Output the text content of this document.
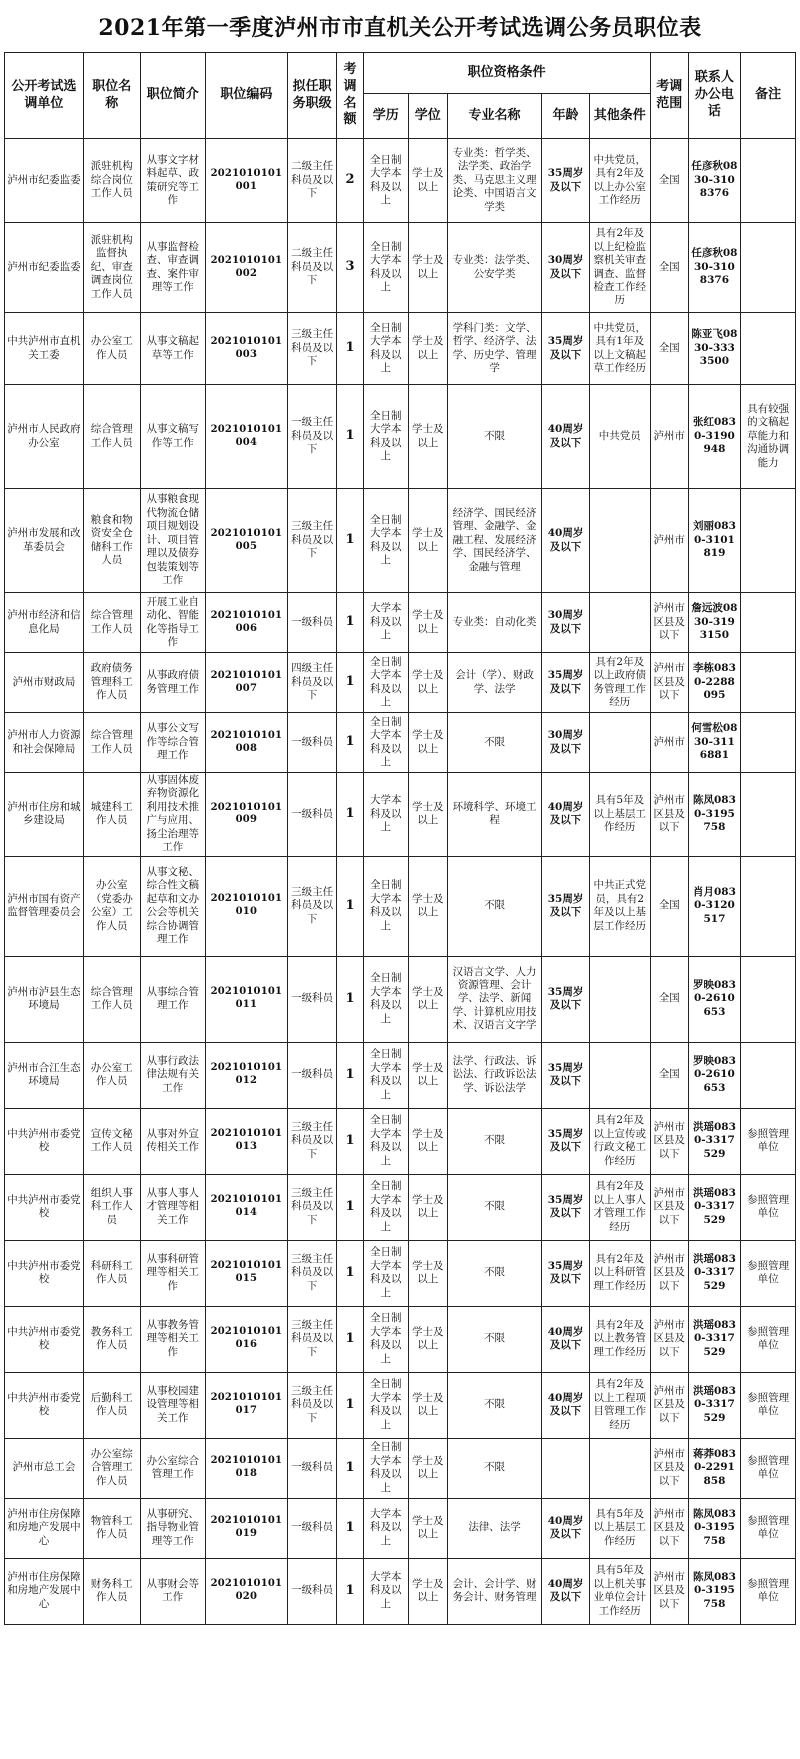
2021年第一季度泸州市市直机关公开考试选调公务员职位表
公开考试选调单位	职位名称	职位简介	职位编码	拟任职务职级	考调名额	职位资格条件					考调范围	联系人办公电话	备注
						学历	学位	专业名称	年龄	其他条件			
泸州市纪委监委	派驻机构综合岗位工作人员	从事文字材料起草、政策研究等工作	2021010101001	二级主任科员及以下	2	全日制大学本科及以上	学士及以上	专业类：哲学类、法学类、政治学类、马克思主义理论类、中国语言文学类	35周岁及以下	中共党员，具有2年及以上办公室工作经历	全国	任彦秋0830-3108376	
泸州市纪委监委	派驻机构监督执纪、审查调查岗位工作人员	从事监督检查、审查调查、案件审理等工作	2021010101002	二级主任科员及以下	3	全日制大学本科及以上	学士及以上	专业类：法学类、公安学类	30周岁及以下	具有2年及以上纪检监察机关审查调查、监督检查工作经历	全国	任彦秋0830-3108376	
中共泸州市直机关工委	办公室工作人员	从事文稿起草等工作	2021010101003	三级主任科员及以下	1	全日制大学本科及以上	学士及以上	学科门类：文学、哲学、经济学、法学、历史学、管理学	35周岁及以下	中共党员，具有1年及以上文稿起草工作经历	全国	陈亚飞0830-3333500	
泸州市人民政府办公室	综合管理工作人员	从事文稿写作等工作	2021010101004	一级主任科员及以下	1	全日制大学本科及以上	学士及以上	不限	40周岁及以下	中共党员	泸州市	张红0830-3190948	具有较强的文稿起草能力和沟通协调能力
泸州市发展和改革委员会	粮食和物资安全仓储科工作人员	从事粮食现代物流仓储项目规划设计、项目管理以及债券包装策划等工作	2021010101005	三级主任科员及以下	1	全日制大学本科及以上	学士及以上	经济学、国民经济管理、金融学、金融工程、发展经济学、国民经济学、金融与管理	40周岁及以下		泸州市	刘丽0830-3101819	
泸州市经济和信息化局	综合管理工作人员	开展工业自动化、智能化等指导工作	2021010101006	一级科员	1	大学本科及以上	学士及以上	专业类：自动化类	30周岁及以下		泸州市区县及以下	詹远波0830-3193150	
泸州市财政局	政府债务管理科工作人员	从事政府债务管理工作	2021010101007	四级主任科员及以下	1	全日制大学本科及以上	学士及以上	会计（学）、财政学、法学	35周岁及以下	具有2年及以上政府债务管理工作经历	泸州市区县及以下	李栋0830-2288095	
泸州市人力资源和社会保障局	综合管理工作人员	从事公文写作等综合管理工作	2021010101008	一级科员	1	全日制大学本科及以上	学士及以上	不限	30周岁及以下		泸州市	何雪松0830-3116881	
泸州市住房和城乡建设局	城建科工作人员	从事固体废弃物资源化利用技术推广与应用、扬尘治理等工作	2021010101009	一级科员	1	大学本科及以上	学士及以上	环境科学、环境工程	40周岁及以下	具有5年及以上基层工作经历	泸州市区县及以下	陈凤0830-3195758	
泸州市国有资产监督管理委员会	办公室（党委办公室）工作人员	从事文秘、综合性文稿起草和文办公会等机关综合协调管理工作	2021010101010	三级主任科员及以下	1	全日制大学本科及以上	学士及以上	不限	35周岁及以下	中共正式党员，具有2年及以上基层工作经历	全国	肖月0830-3120517	
泸州市泸县生态环境局	综合管理工作人员	从事综合管理工作	2021010101011	一级科员	1	全日制大学本科及以上	学士及以上	汉语言文学、人力资源管理、会计学、法学、新闻学、计算机应用技术、汉语言文字学	35周岁及以下		全国	罗映0830-2610653	
泸州市合江生态环境局	办公室工作人员	从事行政法律法规有关工作	2021010101012	一级科员	1	全日制大学本科及以上	学士及以上	法学、行政法、诉讼法、行政诉讼法学、诉讼法学	35周岁及以下		全国	罗映0830-2610653	
中共泸州市委党校	宣传文秘工作人员	从事对外宣传相关工作	2021010101013	三级主任科员及以下	1	全日制大学本科及以上	学士及以上	不限	35周岁及以下	具有2年及以上宣传或行政文秘工作经历	泸州市区县及以下	洪瑶0830-3317529	参照管理单位
中共泸州市委党校	组织人事科工作人员	从事人事人才管理等相关工作	2021010101014	三级主任科员及以下	1	全日制大学本科及以上	学士及以上	不限	35周岁及以下	具有2年及以上人事人才管理工作经历	泸州市区县及以下	洪瑶0830-3317529	参照管理单位
中共泸州市委党校	科研科工作人员	从事科研管理等相关工作	2021010101015	三级主任科员及以下	1	全日制大学本科及以上	学士及以上	不限	35周岁及以下	具有2年及以上科研管理工作经历	泸州市区县及以下	洪瑶0830-3317529	参照管理单位
中共泸州市委党校	教务科工作人员	从事教务管理等相关工作	2021010101016	三级主任科员及以下	1	全日制大学本科及以上	学士及以上	不限	40周岁及以下	具有2年及以上教务管理工作经历	泸州市区县及以下	洪瑶0830-3317529	参照管理单位
中共泸州市委党校	后勤科工作人员	从事校园建设管理等相关工作	2021010101017	三级主任科员及以下	1	全日制大学本科及以上	学士及以上	不限	40周岁及以下	具有2年及以上工程项目管理工作经历	泸州市区县及以下	洪瑶0830-3317529	参照管理单位
泸州市总工会	办公室综合管理工作人员	办公室综合管理工作	2021010101018	一级科员	1	全日制大学本科及以上	学士及以上	不限			泸州市区县及以下	蒋莽0830-2291858	参照管理单位
泸州市住房保障和房地产发展中心	物管科工作人员	从事研究、指导物业管理等工作	2021010101019	一级科员	1	大学本科及以上	学士及以上	法律、法学	40周岁及以下	具有5年及以上基层工作经历	泸州市区县及以下	陈凤0830-3195758	参照管理单位
泸州市住房保障和房地产发展中心	财务科工作人员	从事财会等工作	2021010101020	一级科员	1	大学本科及以上	学士及以上	会计、会计学、财务会计、财务管理	40周岁及以下	具有5年及以上机关事业单位会计工作经历	泸州市区县及以下	陈凤0830-3195758	参照管理单位
